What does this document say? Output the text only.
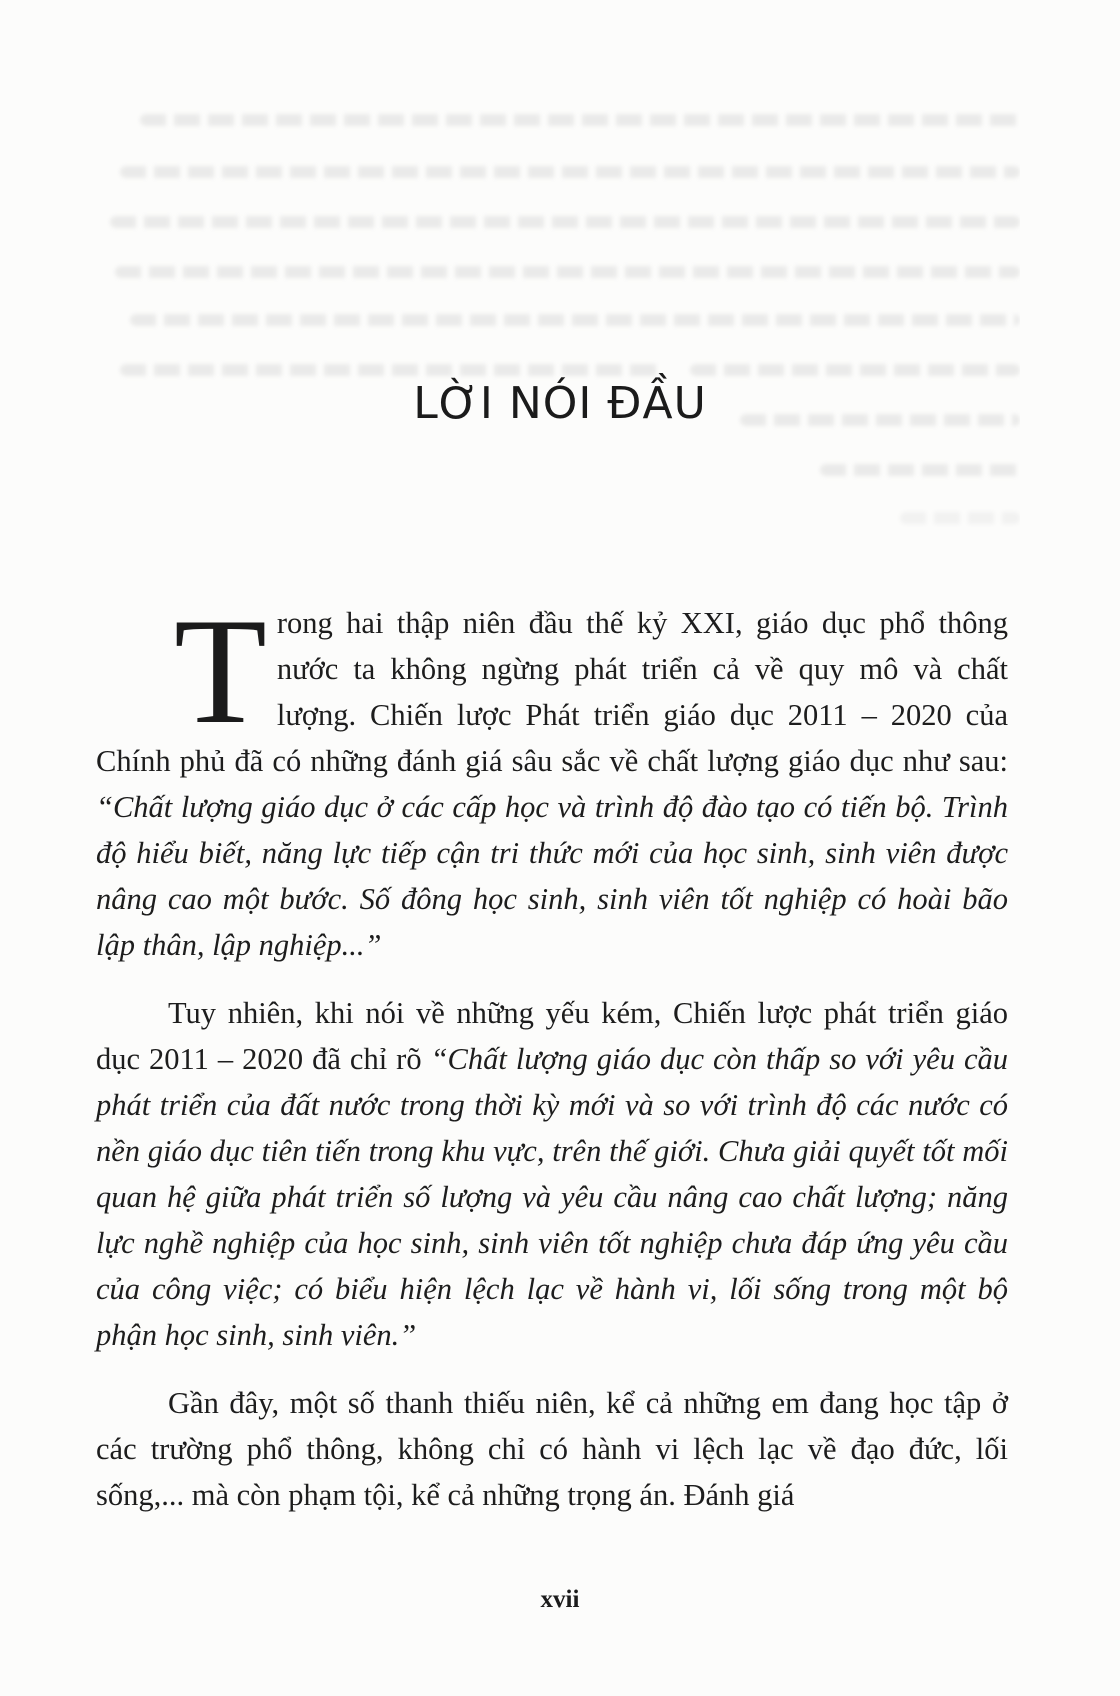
LỜI NÓI ĐẦU

Trong hai thập niên đầu thế kỷ XXI, giáo dục phổ thông nước ta không ngừng phát triển cả về quy mô và chất lượng. Chiến lược Phát triển giáo dục 2011 – 2020 của Chính phủ đã có những đánh giá sâu sắc về chất lượng giáo dục như sau: “Chất lượng giáo dục ở các cấp học và trình độ đào tạo có tiến bộ. Trình độ hiểu biết, năng lực tiếp cận tri thức mới của học sinh, sinh viên được nâng cao một bước. Số đông học sinh, sinh viên tốt nghiệp có hoài bão lập thân, lập nghiệp...”

Tuy nhiên, khi nói về những yếu kém, Chiến lược phát triển giáo dục 2011 – 2020 đã chỉ rõ “Chất lượng giáo dục còn thấp so với yêu cầu phát triển của đất nước trong thời kỳ mới và so với trình độ các nước có nền giáo dục tiên tiến trong khu vực, trên thế giới. Chưa giải quyết tốt mối quan hệ giữa phát triển số lượng và yêu cầu nâng cao chất lượng; năng lực nghề nghiệp của học sinh, sinh viên tốt nghiệp chưa đáp ứng yêu cầu của công việc; có biểu hiện lệch lạc về hành vi, lối sống trong một bộ phận học sinh, sinh viên.”

Gần đây, một số thanh thiếu niên, kể cả những em đang học tập ở các trường phổ thông, không chỉ có hành vi lệch lạc về đạo đức, lối sống,... mà còn phạm tội, kể cả những trọng án. Đánh giá

xvii
